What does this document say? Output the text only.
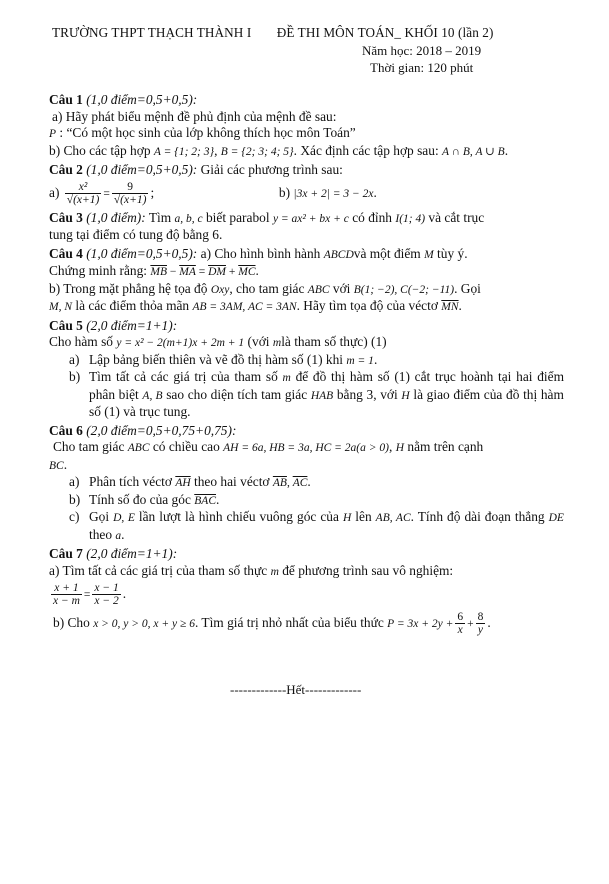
TRƯỜNG THPT THẠCH THÀNH I ĐỀ THI MÔN TOÁN_ KHỐI 10 (lần 2)
Năm học: 2018 – 2019
Thời gian: 120 phút
Câu 1 (1,0 điểm=0,5+0,5):
a) Hãy phát biểu mệnh đề phủ định của mệnh đề sau:
P : “Có một học sinh của lớp không thích học môn Toán”
b) Cho các tập hợp A = {1; 2; 3}, B = {2; 3; 4; 5}. Xác định các tập hợp sau: A ∩ B, A ∪ B.
Câu 2 (1,0 điểm=0,5+0,5): Giải các phương trình sau:
$a) \frac{\text{x²}}{√(x+1)} = \frac{9}{√(x+1)}$ ;	b) |3x + 2| = 3 − 2x.
Câu 3 (1,0 điểm): Tìm a, b, c biết parabol y = ax² + bx + c có đỉnh I(1; 4) và cắt trục
tung tại điểm có tung độ bằng 6.
Câu 4 (1,0 điểm=0,5+0,5): a) Cho hình bình hành ABCDvà một điểm M tùy ý.
Chứng minh rằng: $\overline{MB} - \overline{MA} = \overline{DM} + \overline{MC}$.
b) Trong mặt phẳng hệ tọa độ Oxy, cho tam giác ABC với B(1; −2), C(−2; −11). Gọi
M, N là các điểm thỏa mãn AB = 3AM, AC = 3AN. Hãy tìm tọa độ của véctơ $\overline{MN}$.
Câu 5 (2,0 điểm=1+1):
Cho hàm số y = x² − 2(m+1)x + 2m + 1 (với mlà tham số thực) (1)
a) Lập bảng biến thiên và vẽ đồ thị hàm số (1) khi m = 1.
b) Tìm tất cả các giá trị của tham số m để đồ thị hàm số (1) cắt trục hoành tại hai điểm phân biệt A, B sao cho diện tích tam giác HAB bằng 3, với H là giao điểm của đồ thị hàm số (1) và trục tung.
Câu 6 (2,0 điểm=0,5+0,75+0,75):
Cho tam giác ABC có chiều cao AH = 6a, HB = 3a, HC = 2a(a > 0), H nằm trên cạnh
BC.
a) Phân tích véctơ $\overline{AH}$ theo hai véctơ $\overline{AB}$, $\overline{AC}$.
b) Tính số đo của góc $\overline{BAC}$.
c) Gọi D, E lần lượt là hình chiếu vuông góc của H lên AB, AC. Tính độ dài đoạn thẳng DE theo a.
Câu 7 (2,0 điểm=1+1):
a) Tìm tất cả các giá trị của tham số thực m để phương trình sau vô nghiệm:
$\frac{x + 1}{x - m} = \frac{x - 1}{x - 2}$ .
b) Cho x > 0, y > 0, x + y ≥ 6. Tìm giá trị nhỏ nhất của biểu thức $P = 3x + 2y + \frac{6}{x} + \frac{8}{y}$ .
-------------Hết-------------
